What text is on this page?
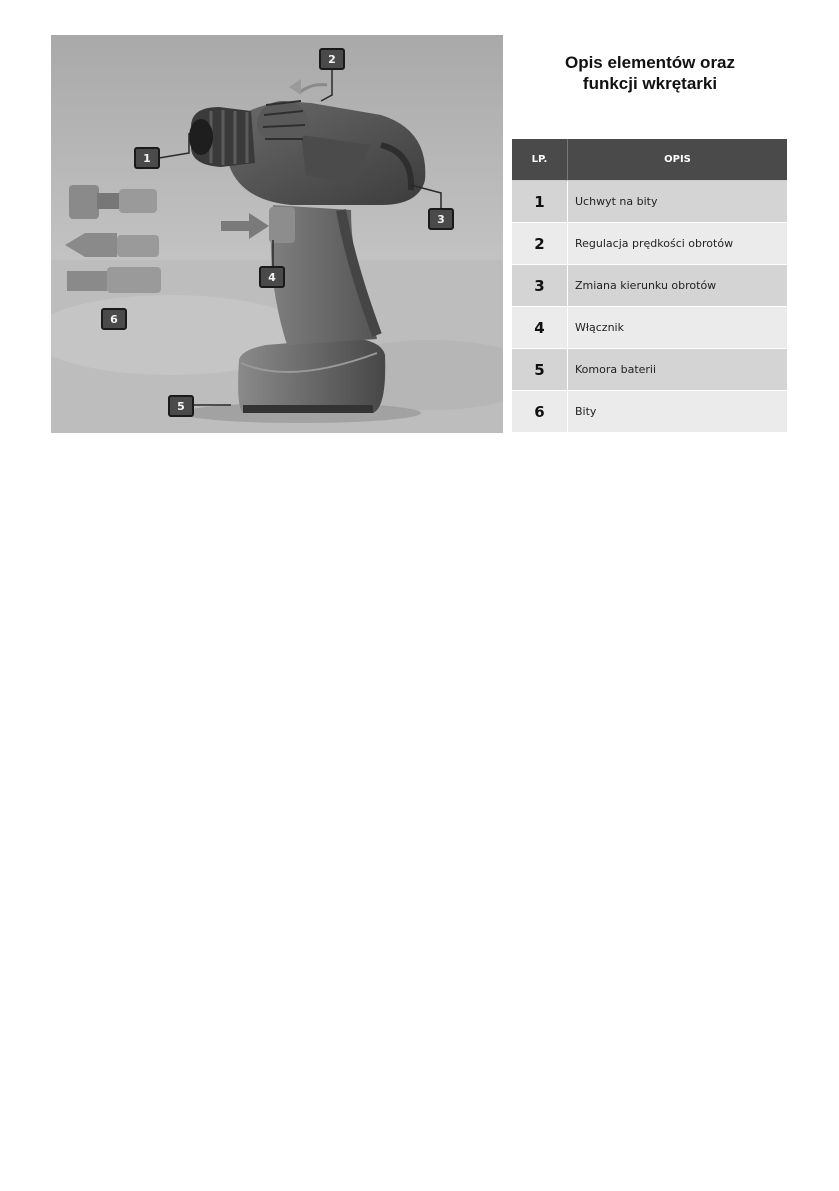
1
2
3
4
5
6
Opis elementów oraz
funkcji wkrętarki
LP.	OPIS
1	Uchwyt na bity
2	Regulacja prędkości obrotów
3	Zmiana kierunku obrotów
4	Włącznik
5	Komora baterii
6	Bity
